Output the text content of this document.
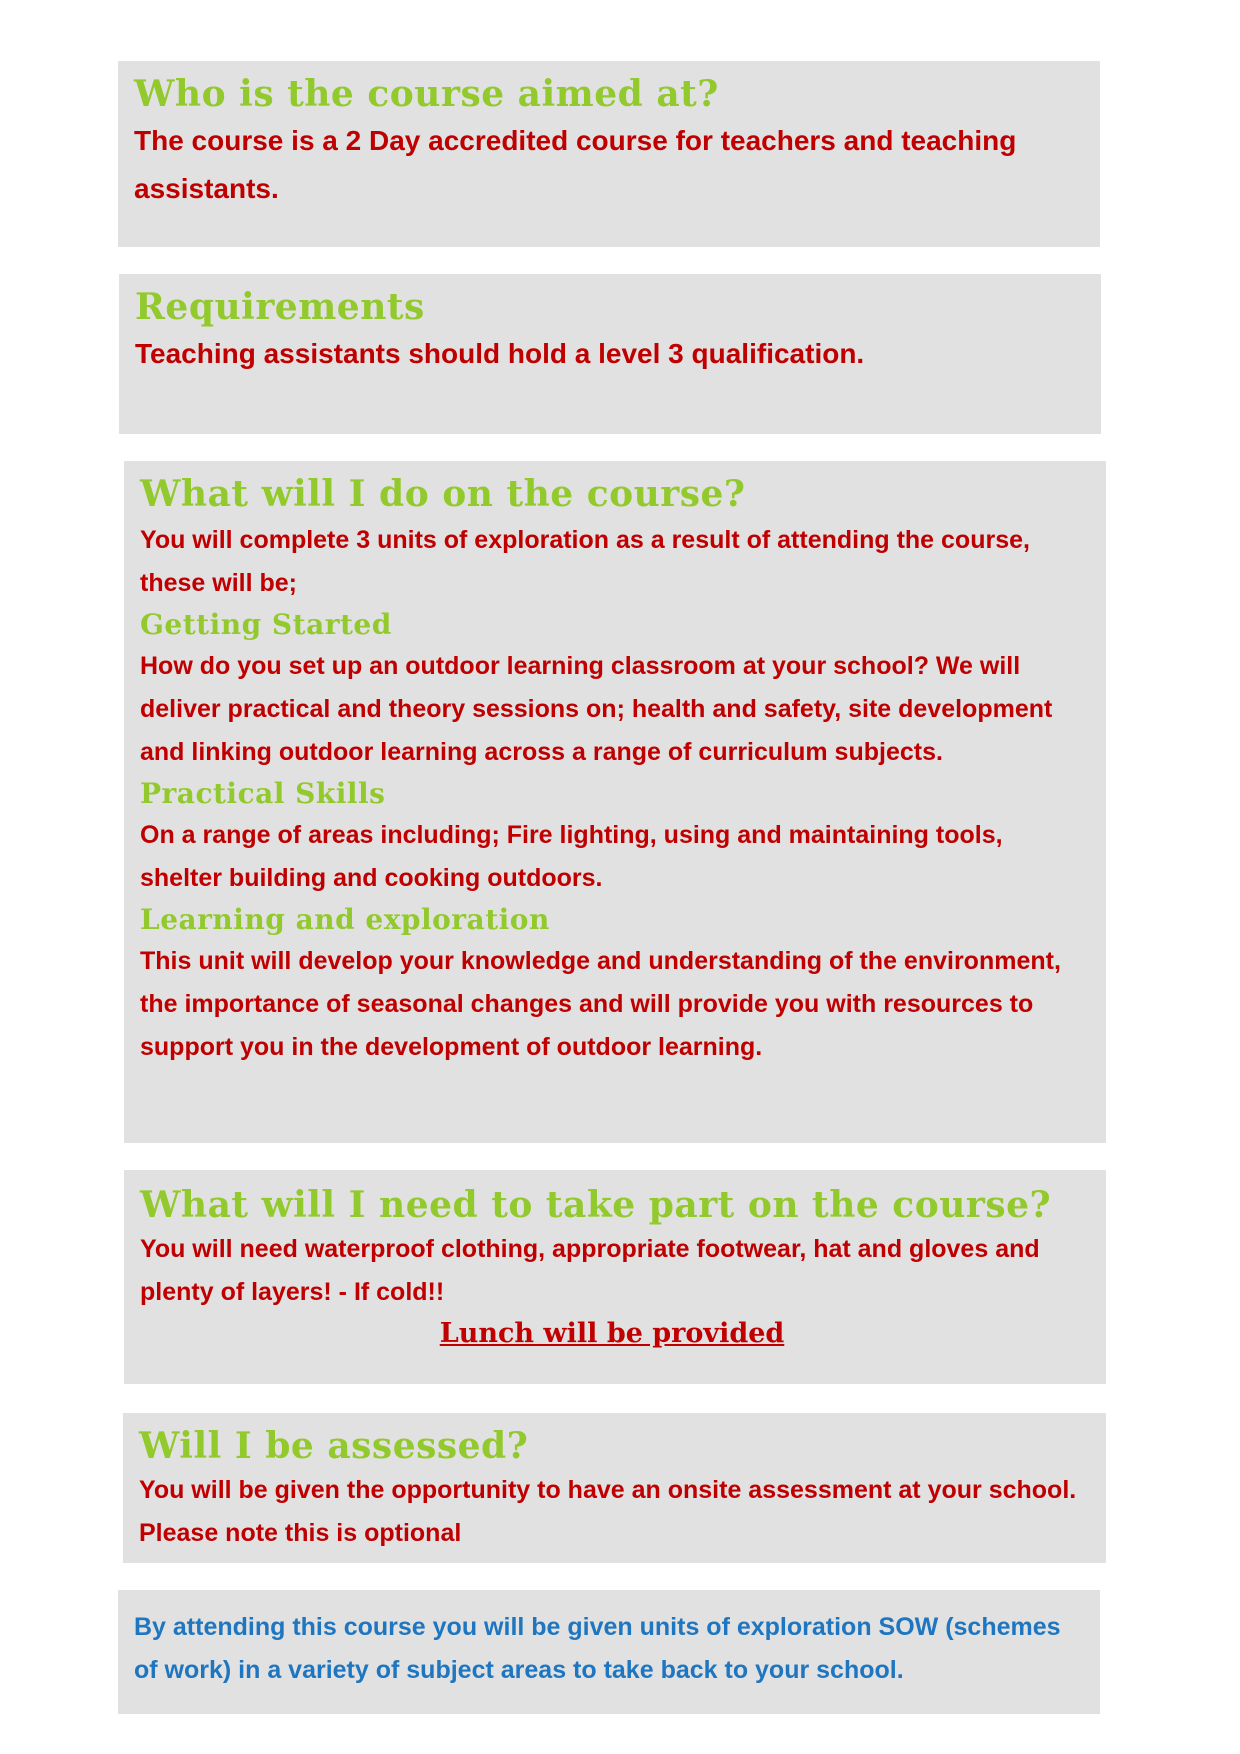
Who is the course aimed at?

The course is a 2 Day accredited course for teachers and teaching assistants.

Requirements

Teaching assistants should hold a level 3 qualification.

What will I do on the course?

You will complete 3 units of exploration as a result of attending the course, these will be;

Getting Started

How do you set up an outdoor learning classroom at your school? We will deliver practical and theory sessions on; health and safety, site development and linking outdoor learning across a range of curriculum subjects.

Practical Skills

On a range of areas including; Fire lighting, using and maintaining tools, shelter building and cooking outdoors.

Learning and exploration

This unit will develop your knowledge and understanding of the environment, the importance of seasonal changes and will provide you with resources to support you in the development of outdoor learning.

What will I need to take part on the course?

You will need waterproof clothing, appropriate footwear, hat and gloves and plenty of layers! - If cold!!

Lunch will be provided

Will I be assessed?

You will be given the opportunity to have an onsite assessment at your school. Please note this is optional

By attending this course you will be given units of exploration SOW (schemes of work) in a variety of subject areas to take back to your school.
